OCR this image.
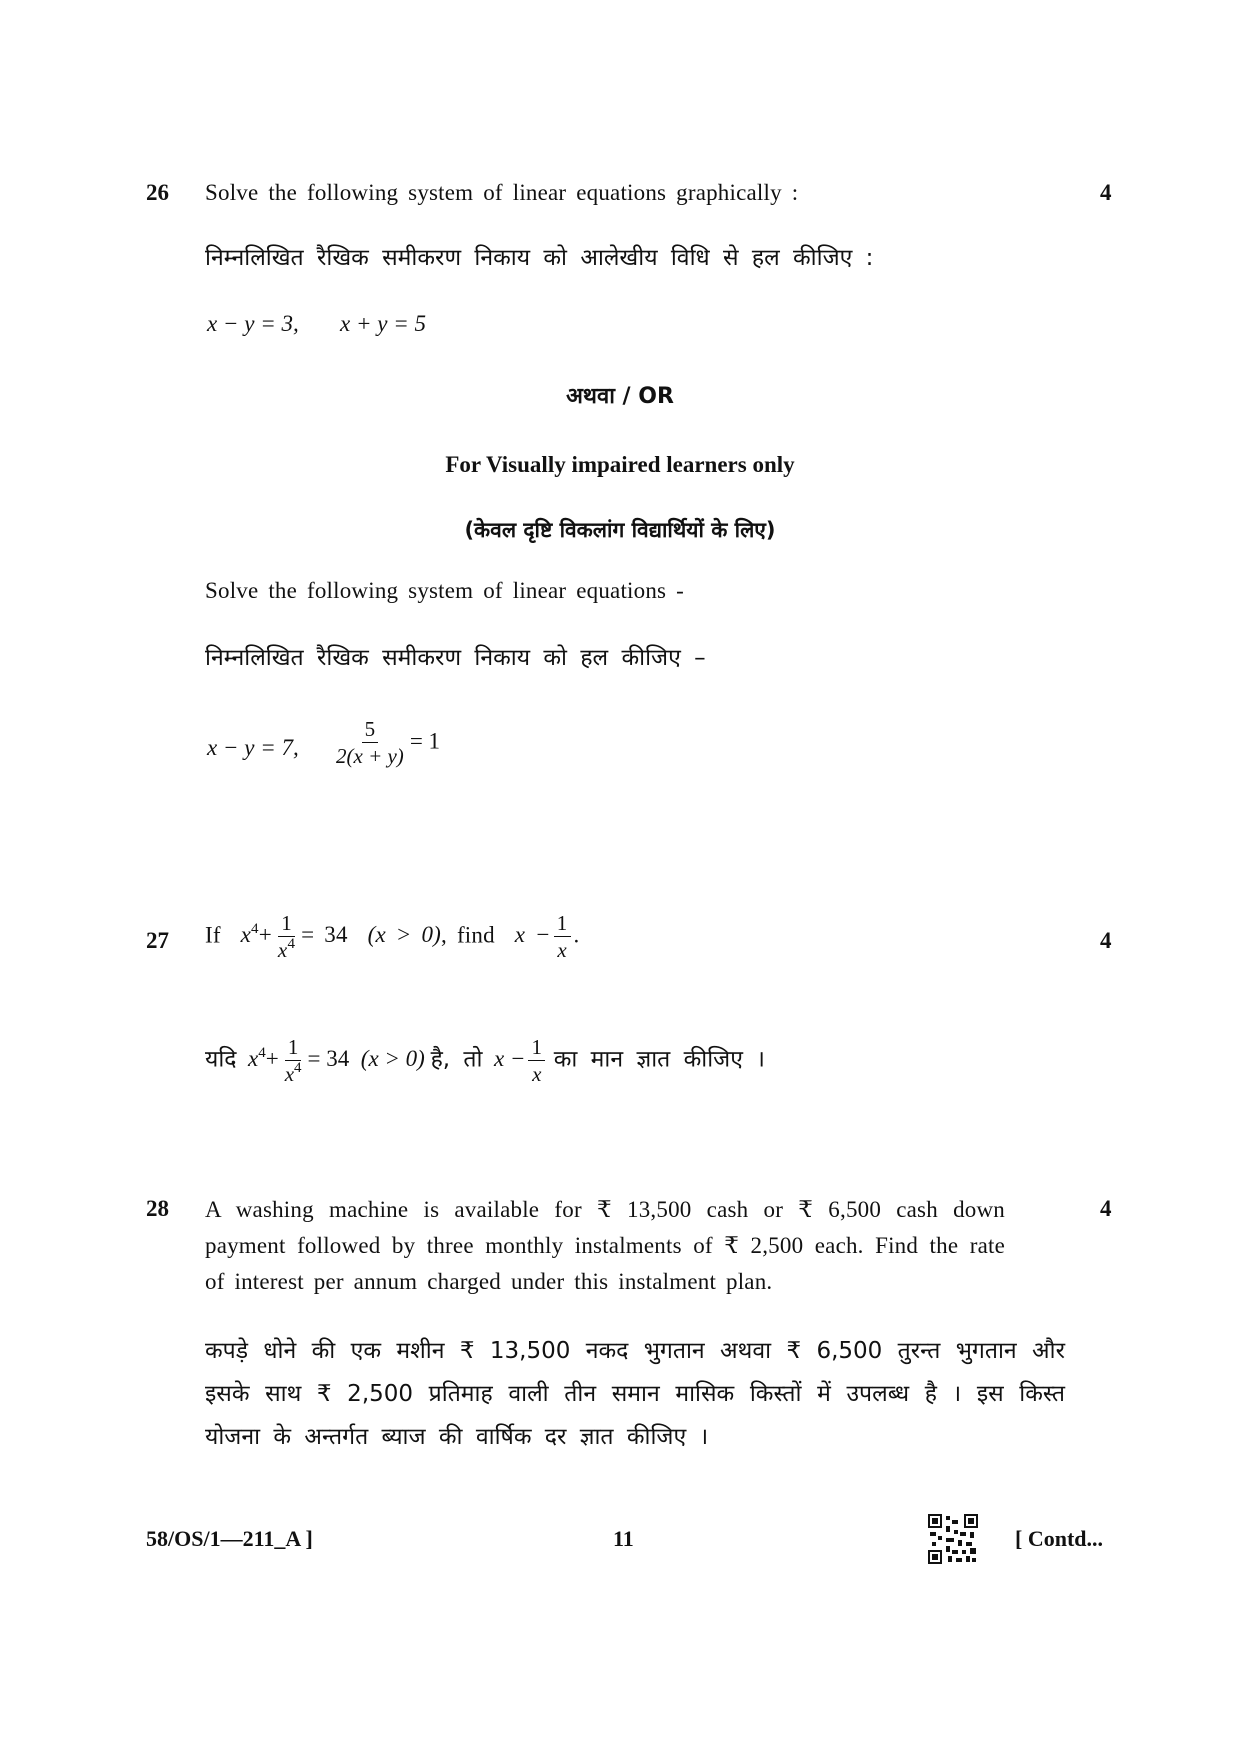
26 Solve the following system of linear equations graphically :	4
निम्नलिखित रैखिक समीकरण निकाय को आलेखीय विधि से हल कीजिए :
x − y = 3, x + y = 5
अथवा / OR
For Visually impaired learners only
(केवल दृष्टि विकलांग विद्यार्थियों के लिए)
Solve the following system of linear equations -
निम्नलिखित रैखिक समीकरण निकाय को हल कीजिए –
x − y = 7, $\frac{5}{2(x + y)} = 1$
27	4
If $x^4+ \frac{1}{x^4} = 34$ (x > 0), find $x - \frac{1}{x}$ .
यदि $x^4+ \frac{1}{x^4} = 34$ (x > 0) है, तो $x - \frac{1}{x}$ का मान ज्ञात कीजिए ।
28	4
A washing machine is available for ₹ 13,500 cash or ₹ 6,500 cash down payment followed by three monthly instalments of ₹ 2,500 each. Find the rate of interest per annum charged under this instalment plan.
कपड़े धोने की एक मशीन ₹ 13,500 नकद भुगतान अथवा ₹ 6,500 तुरन्त भुगतान और इसके साथ ₹ 2,500 प्रतिमाह वाली तीन समान मासिक किस्तों में उपलब्ध है । इस किस्त योजना के अन्तर्गत ब्याज की वार्षिक दर ज्ञात कीजिए ।
58/OS/1—211_A ]	11	[ Contd...
